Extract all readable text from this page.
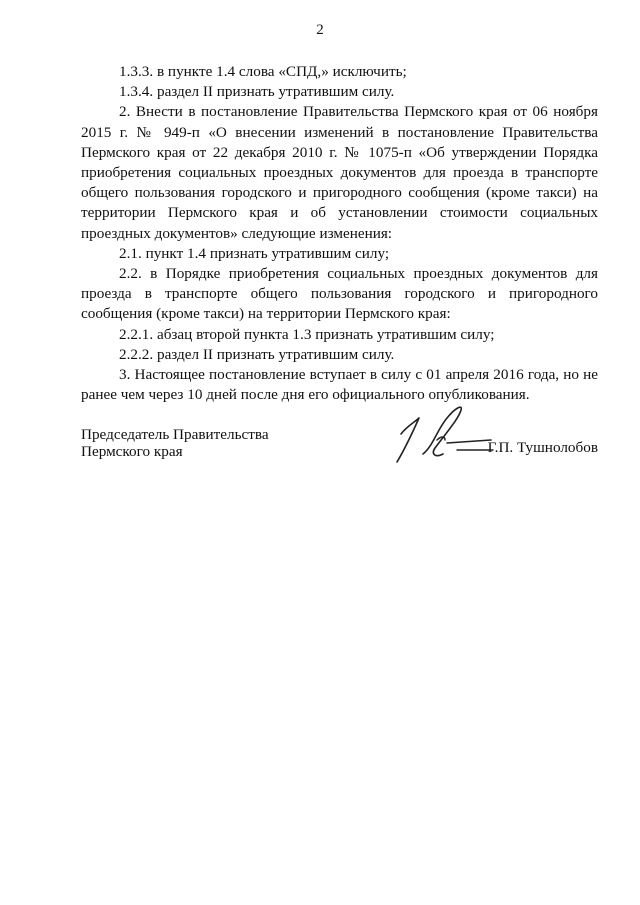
2

1.3.3. в пункте 1.4 слова «СПД,» исключить;

1.3.4. раздел II признать утратившим силу.

2. Внести в постановление Правительства Пермского края от 06 ноября 2015 г. № 949-п «О внесении изменений в постановление Правительства Пермского края от 22 декабря 2010 г. № 1075-п «Об утверждении Порядка приобретения социальных проездных документов для проезда в транспорте общего пользования городского и пригородного сообщения (кроме такси) на территории Пермского края и об установлении стоимости социальных проездных документов» следующие изменения:

2.1. пункт 1.4 признать утратившим силу;

2.2. в Порядке приобретения социальных проездных документов для проезда в транспорте общего пользования городского и пригородного сообщения (кроме такси) на территории Пермского края:

2.2.1. абзац второй пункта 1.3 признать утратившим силу;

2.2.2. раздел II признать утратившим силу.

3. Настоящее постановление вступает в силу с 01 апреля 2016 года, но не ранее чем через 10 дней после дня его официального опубликования.

Председатель Правительства
Пермского края	Г.П. Тушнолобов
